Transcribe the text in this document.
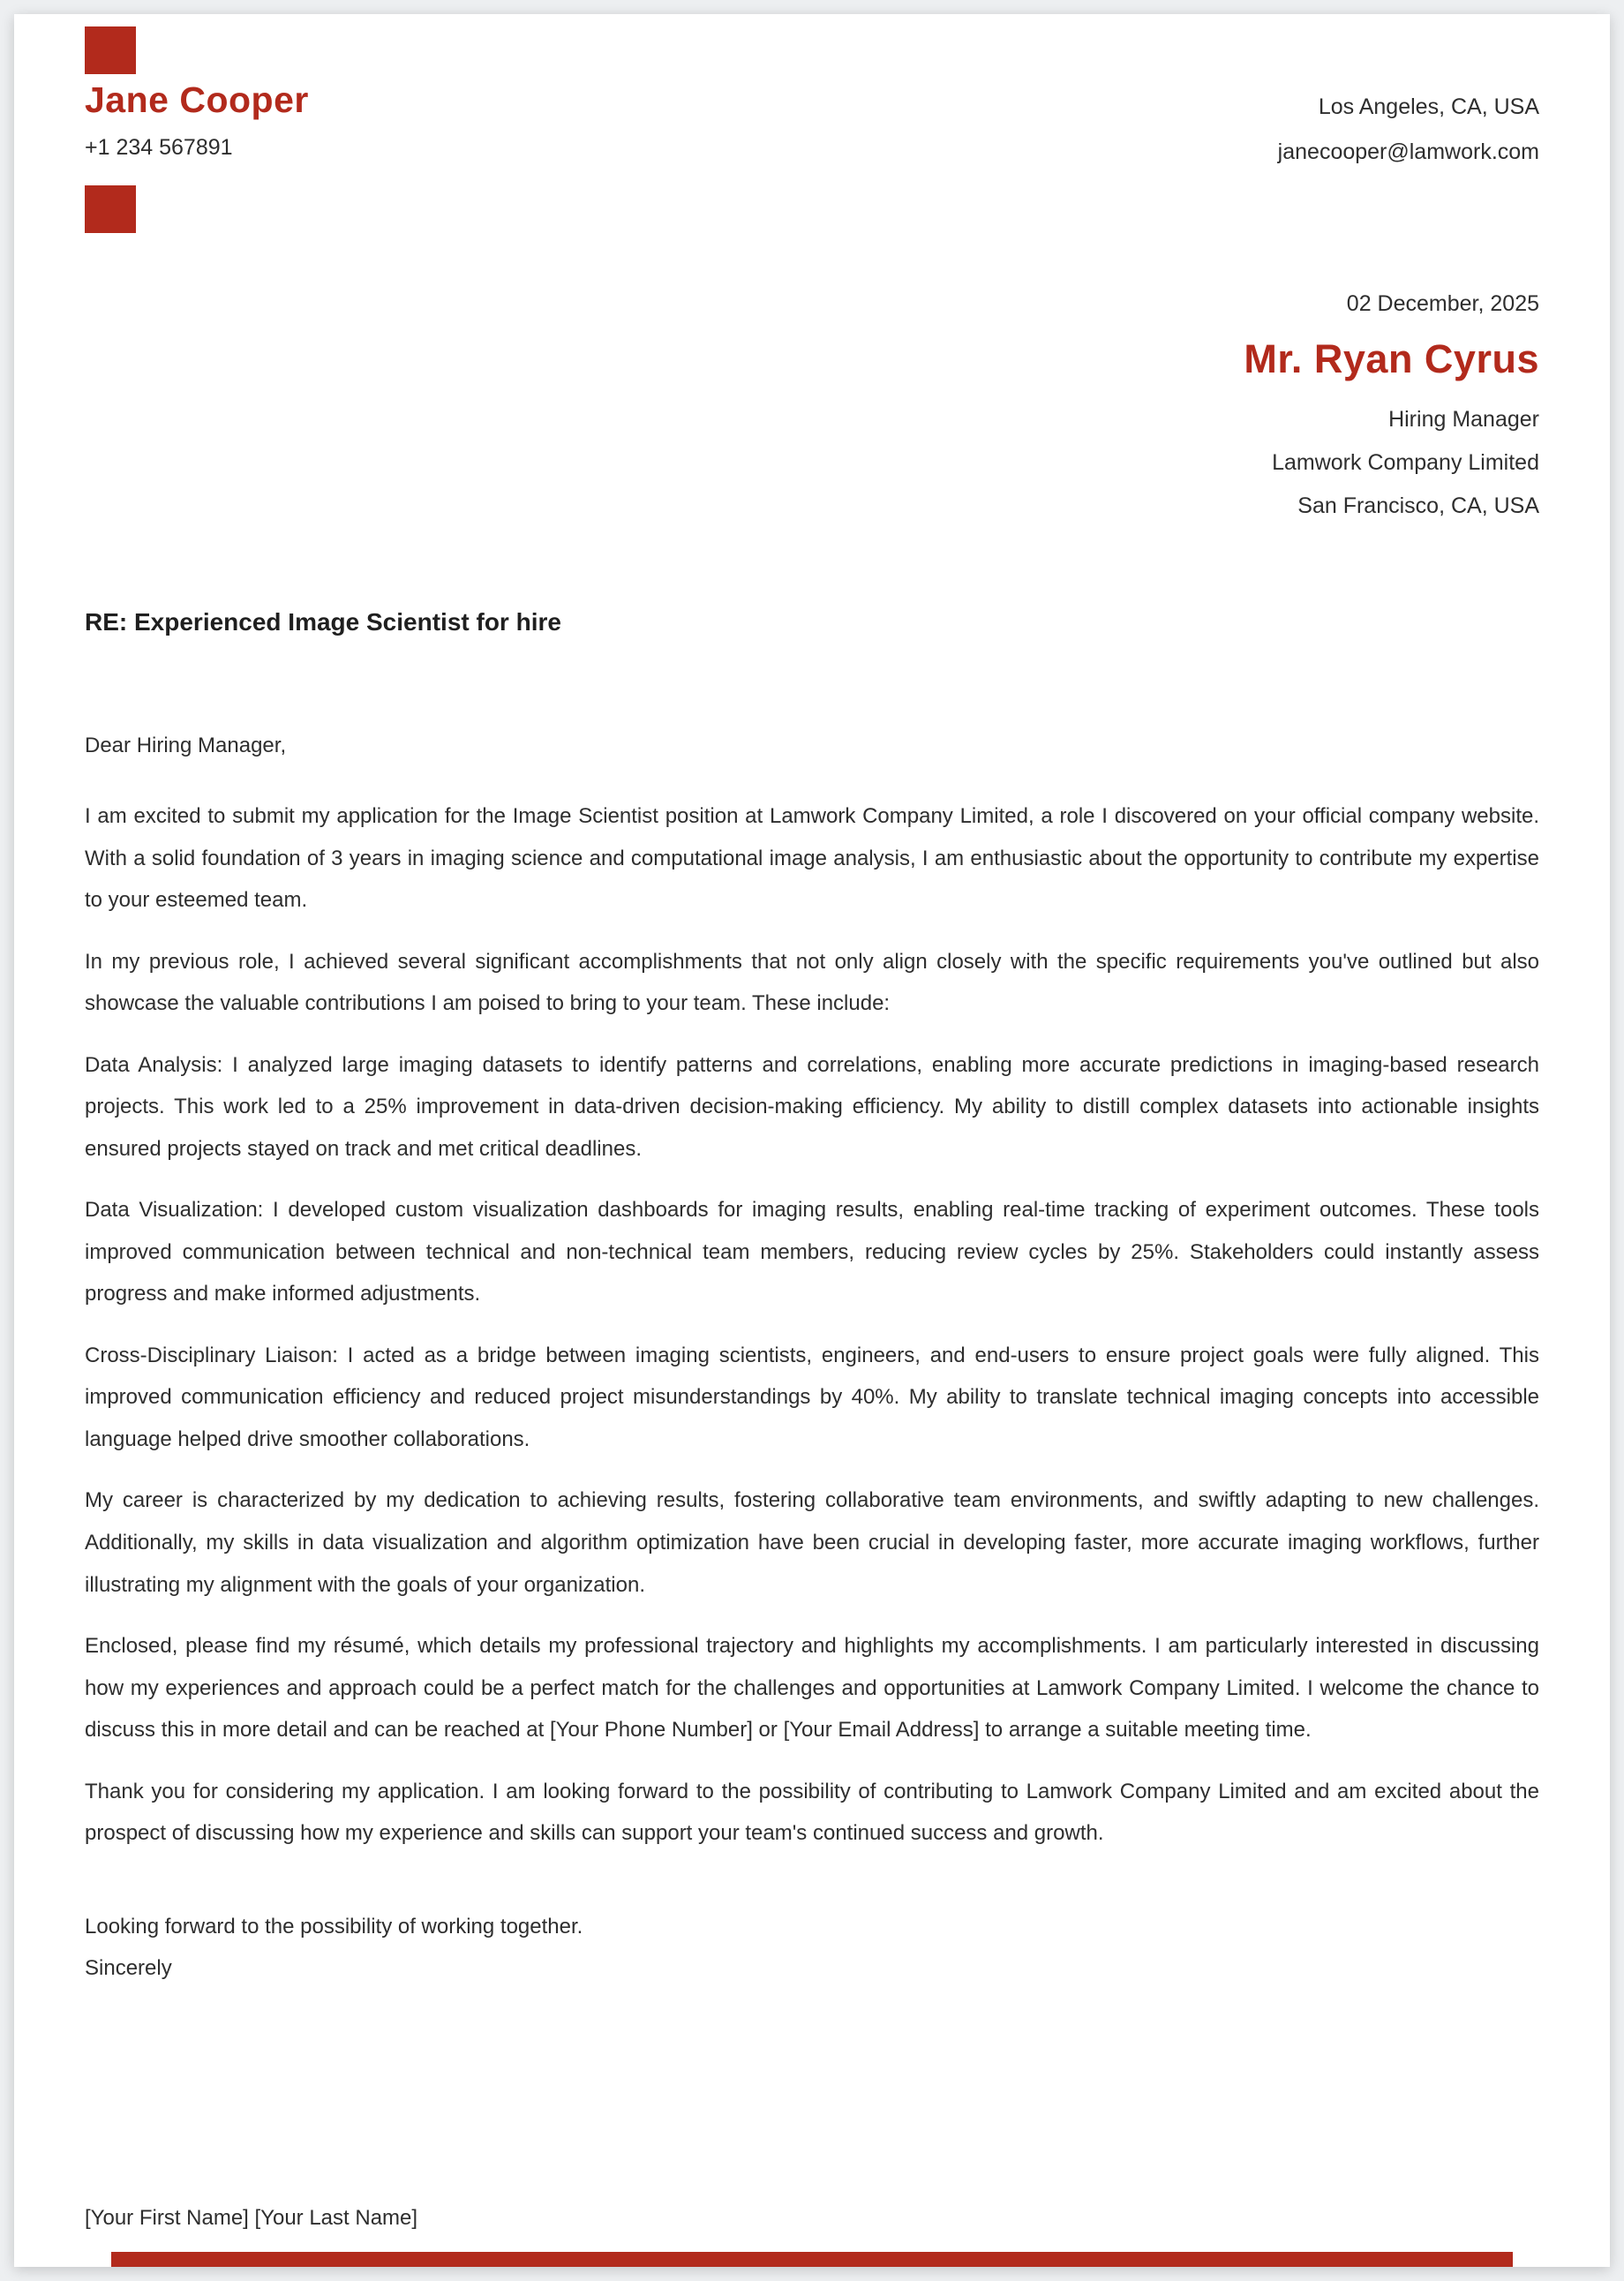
Jane Cooper
+1 234 567891
Los Angeles, CA, USA
janecooper@lamwork.com
02 December, 2025
Mr. Ryan Cyrus
Hiring Manager
Lamwork Company Limited
San Francisco, CA, USA
RE: Experienced Image Scientist for hire
Dear Hiring Manager,

I am excited to submit my application for the Image Scientist position at Lamwork Company Limited, a role I discovered on your official company website. With a solid foundation of 3 years in imaging science and computational image analysis, I am enthusiastic about the opportunity to contribute my expertise to your esteemed team.

In my previous role, I achieved several significant accomplishments that not only align closely with the specific requirements you've outlined but also showcase the valuable contributions I am poised to bring to your team. These include:

Data Analysis: I analyzed large imaging datasets to identify patterns and correlations, enabling more accurate predictions in imaging-based research projects. This work led to a 25% improvement in data-driven decision-making efficiency. My ability to distill complex datasets into actionable insights ensured projects stayed on track and met critical deadlines.

Data Visualization: I developed custom visualization dashboards for imaging results, enabling real-time tracking of experiment outcomes. These tools improved communication between technical and non-technical team members, reducing review cycles by 25%. Stakeholders could instantly assess progress and make informed adjustments.

Cross-Disciplinary Liaison: I acted as a bridge between imaging scientists, engineers, and end-users to ensure project goals were fully aligned. This improved communication efficiency and reduced project misunderstandings by 40%. My ability to translate technical imaging concepts into accessible language helped drive smoother collaborations.

My career is characterized by my dedication to achieving results, fostering collaborative team environments, and swiftly adapting to new challenges. Additionally, my skills in data visualization and algorithm optimization have been crucial in developing faster, more accurate imaging workflows, further illustrating my alignment with the goals of your organization.

Enclosed, please find my résumé, which details my professional trajectory and highlights my accomplishments. I am particularly interested in discussing how my experiences and approach could be a perfect match for the challenges and opportunities at Lamwork Company Limited. I welcome the chance to discuss this in more detail and can be reached at [Your Phone Number] or [Your Email Address] to arrange a suitable meeting time.

Thank you for considering my application. I am looking forward to the possibility of contributing to Lamwork Company Limited and am excited about the prospect of discussing how my experience and skills can support your team's continued success and growth.

Looking forward to the possibility of working together.
Sincerely
[Your First Name] [Your Last Name]
